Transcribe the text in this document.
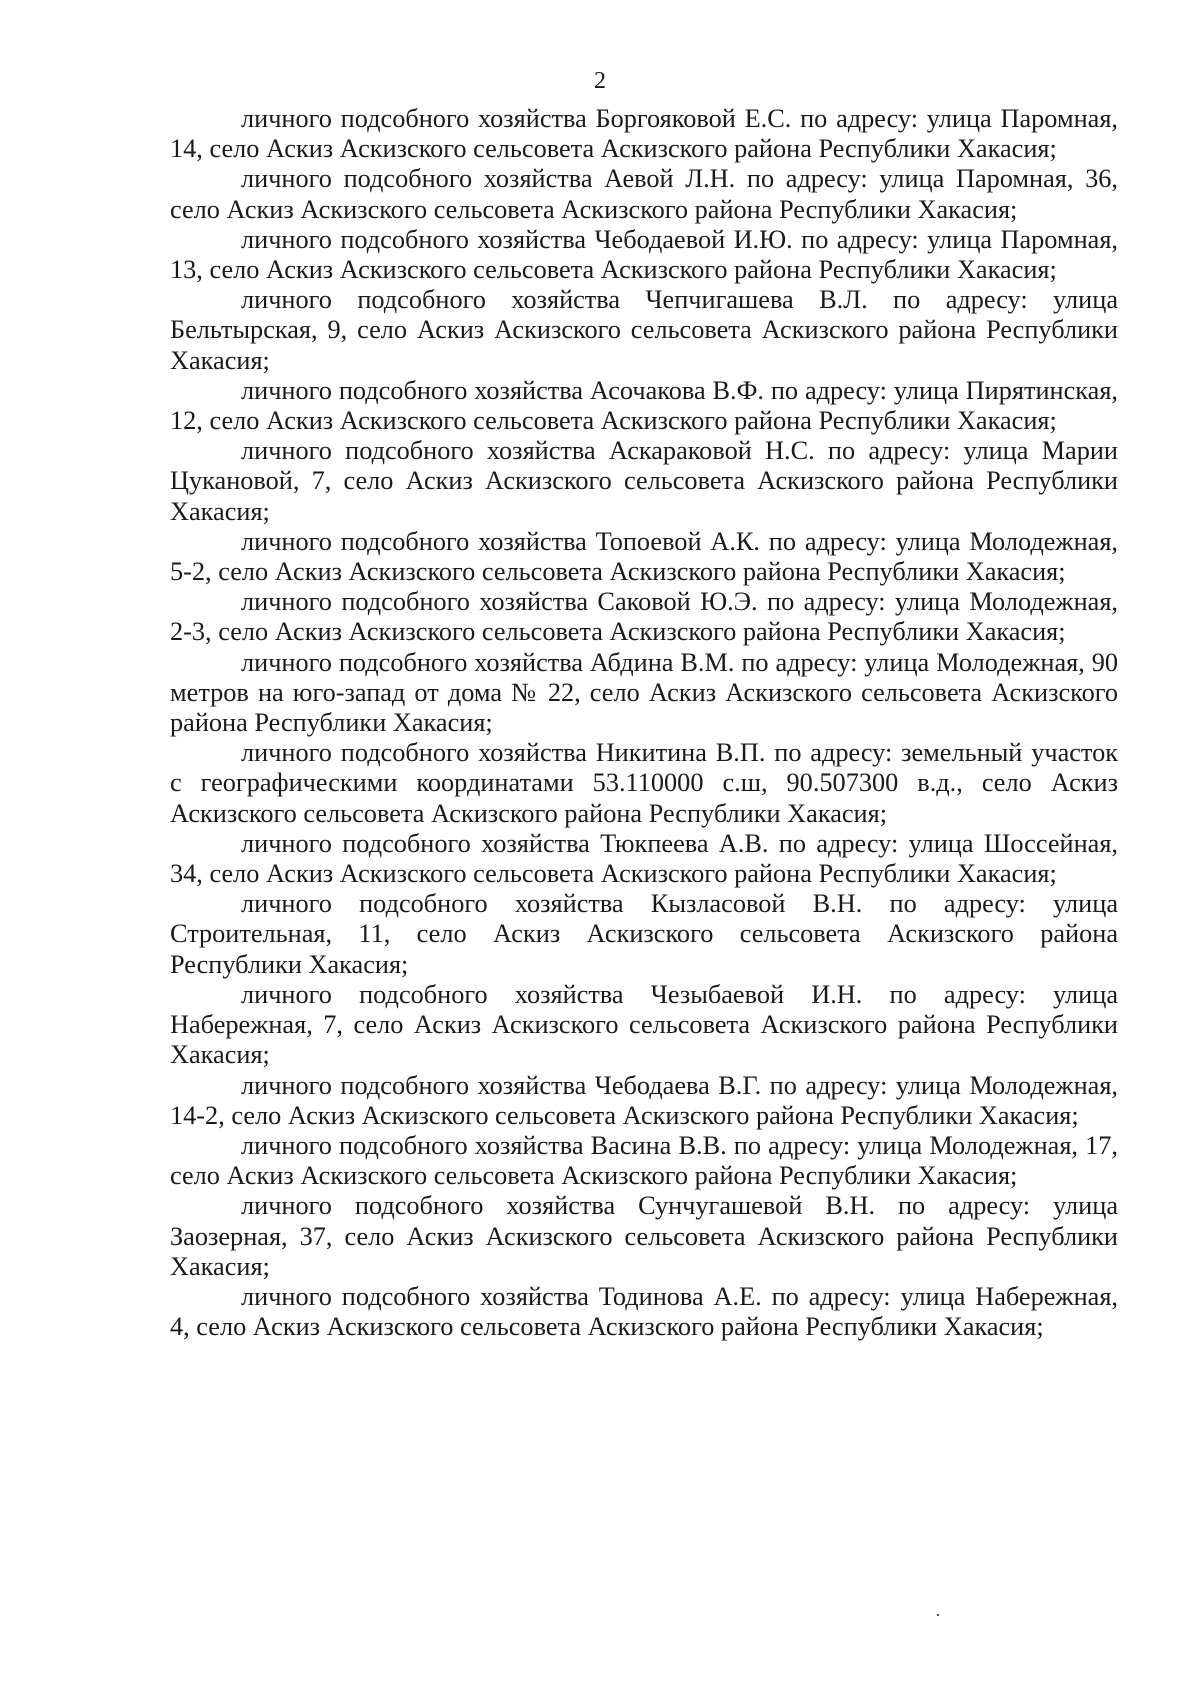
2

личного подсобного хозяйства Боргояковой Е.С. по адресу: улица Паромная, 14, село Аскиз Аскизского сельсовета Аскизского района Республики Хакасия;

личного подсобного хозяйства Аевой Л.Н. по адресу: улица Паромная, 36, село Аскиз Аскизского сельсовета Аскизского района Республики Хакасия;

личного подсобного хозяйства Чебодаевой И.Ю. по адресу: улица Паромная, 13, село Аскиз Аскизского сельсовета Аскизского района Республики Хакасия;

личного подсобного хозяйства Чепчигашева В.Л. по адресу: улица Бельтырская, 9, село Аскиз Аскизского сельсовета Аскизского района Республики Хакасия;

личного подсобного хозяйства Асочакова В.Ф. по адресу: улица Пирятинская, 12, село Аскиз Аскизского сельсовета Аскизского района Республики Хакасия;

личного подсобного хозяйства Аскараковой Н.С. по адресу: улица Марии Цукановой, 7, село Аскиз Аскизского сельсовета Аскизского района Республики Хакасия;

личного подсобного хозяйства Топоевой А.К. по адресу: улица Молодежная, 5-2, село Аскиз Аскизского сельсовета Аскизского района Республики Хакасия;

личного подсобного хозяйства Саковой Ю.Э. по адресу: улица Молодежная, 2-3, село Аскиз Аскизского сельсовета Аскизского района Республики Хакасия;

личного подсобного хозяйства Абдина В.М. по адресу: улица Молодежная, 90 метров на юго-запад от дома № 22, село Аскиз Аскизского сельсовета Аскизского района Республики Хакасия;

личного подсобного хозяйства Никитина В.П. по адресу: земельный участок с географическими координатами 53.110000 с.ш, 90.507300 в.д., село Аскиз Аскизского сельсовета Аскизского района Республики Хакасия;

личного подсобного хозяйства Тюкпеева А.В. по адресу: улица Шоссейная, 34, село Аскиз Аскизского сельсовета Аскизского района Республики Хакасия;

личного подсобного хозяйства Кызласовой В.Н. по адресу: улица Строительная, 11, село Аскиз Аскизского сельсовета Аскизского района Республики Хакасия;

личного подсобного хозяйства Чезыбаевой И.Н. по адресу: улица Набережная, 7, село Аскиз Аскизского сельсовета Аскизского района Республики Хакасия;

личного подсобного хозяйства Чебодаева В.Г. по адресу: улица Молодежная, 14-2, село Аскиз Аскизского сельсовета Аскизского района Республики Хакасия;

личного подсобного хозяйства Васина В.В. по адресу: улица Молодежная, 17, село Аскиз Аскизского сельсовета Аскизского района Республики Хакасия;

личного подсобного хозяйства Сунчугашевой В.Н. по адресу: улица Заозерная, 37, село Аскиз Аскизского сельсовета Аскизского района Республики Хакасия;

личного подсобного хозяйства Тодинова А.Е. по адресу: улица Набережная, 4, село Аскиз Аскизского сельсовета Аскизского района Республики Хакасия;
